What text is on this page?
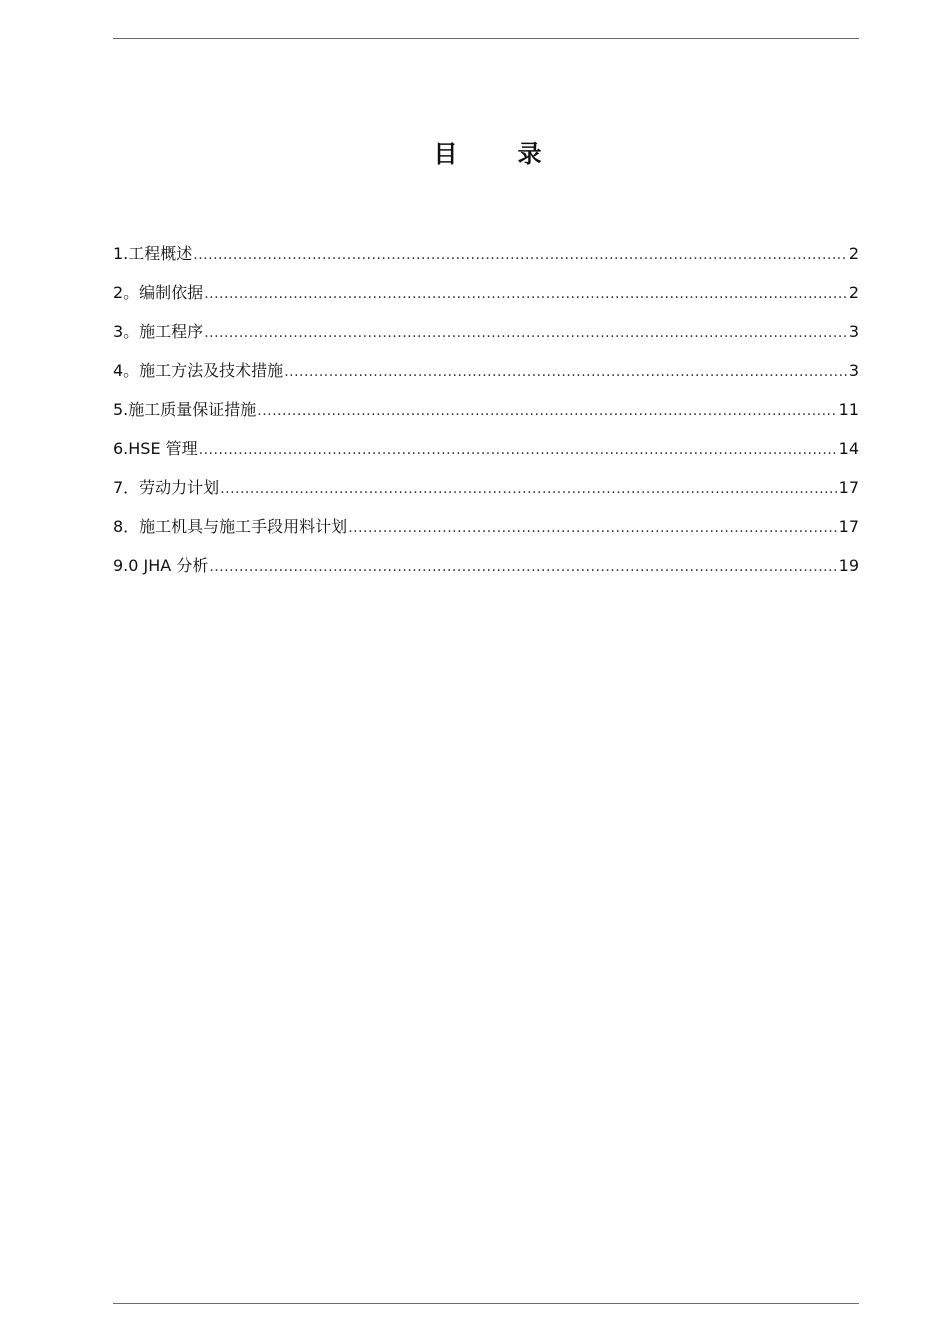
目	录
1.工程概述 .....	2
2。编制依据 .....	2
3。施工程序 .....	3
4。施工方法及技术措施 .....	3
5.施工质量保证措施 .....	11
6.HSE 管理 .....	14
7．劳动力计划 .....	17
8．施工机具与施工手段用料计划 .....	17
9.0 JHA 分析 .....	19
